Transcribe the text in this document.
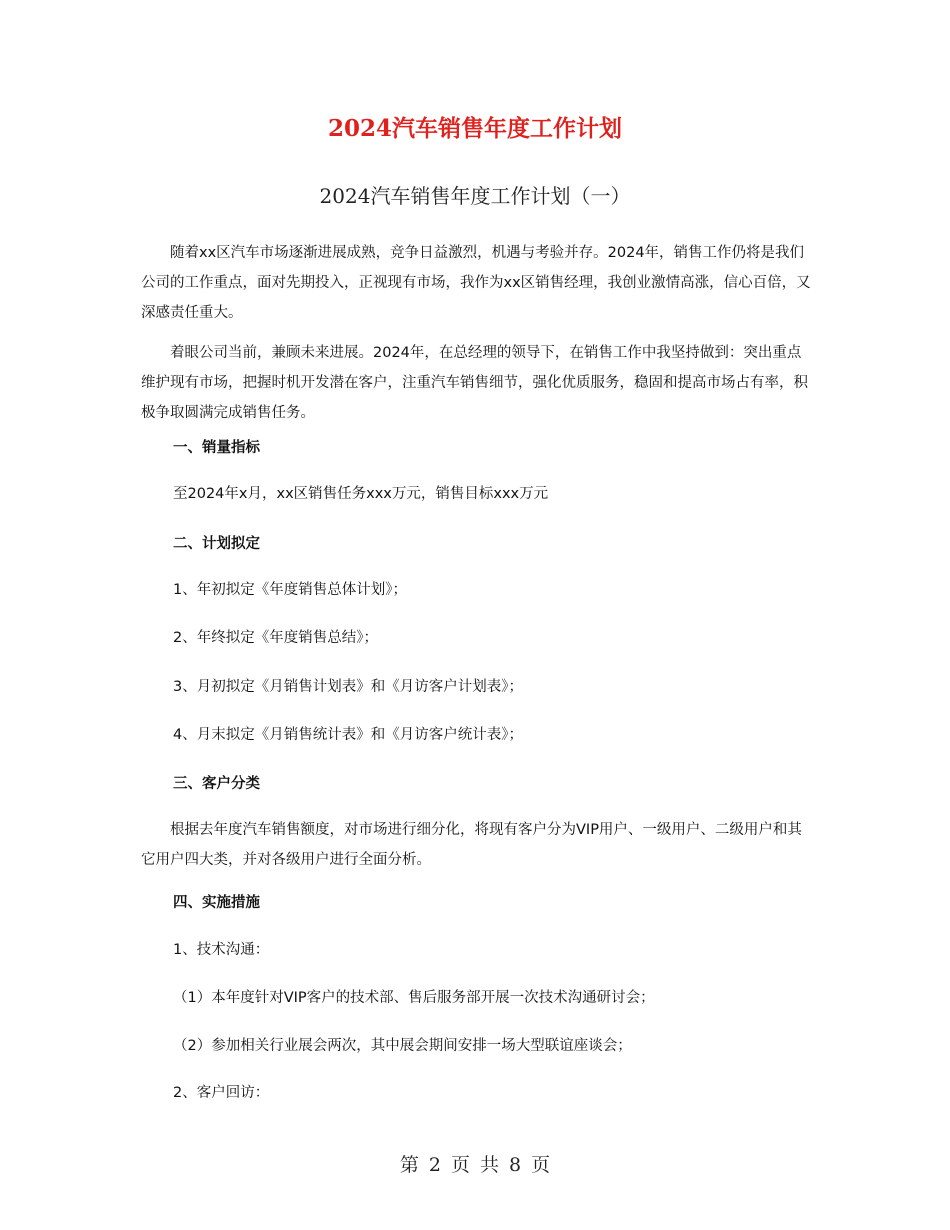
2024汽车销售年度工作计划
2024汽车销售年度工作计划（一）
随着xx区汽车市场逐渐进展成熟，竞争日益激烈，机遇与考验并存。2024年，销售工作仍将是我们公司的工作重点，面对先期投入，正视现有市场，我作为xx区销售经理，我创业激情高涨，信心百倍，又深感责任重大。
着眼公司当前，兼顾未来进展。2024年，在总经理的领导下，在销售工作中我坚持做到：突出重点维护现有市场，把握时机开发潜在客户，注重汽车销售细节，强化优质服务，稳固和提高市场占有率，积极争取圆满完成销售任务。
一、销量指标
至2024年x月，xx区销售任务xxx万元，销售目标xxx万元
二、计划拟定
1、年初拟定《年度销售总体计划》；
2、年终拟定《年度销售总结》；
3、月初拟定《月销售计划表》和《月访客户计划表》；
4、月末拟定《月销售统计表》和《月访客户统计表》；
三、客户分类
根据去年度汽车销售额度，对市场进行细分化，将现有客户分为VIP用户、一级用户、二级用户和其它用户四大类，并对各级用户进行全面分析。
四、实施措施
1、技术沟通：
（1）本年度针对VIP客户的技术部、售后服务部开展一次技术沟通研讨会；
（2）参加相关行业展会两次，其中展会期间安排一场大型联谊座谈会；
2、客户回访：
第 2 页 共 8 页
